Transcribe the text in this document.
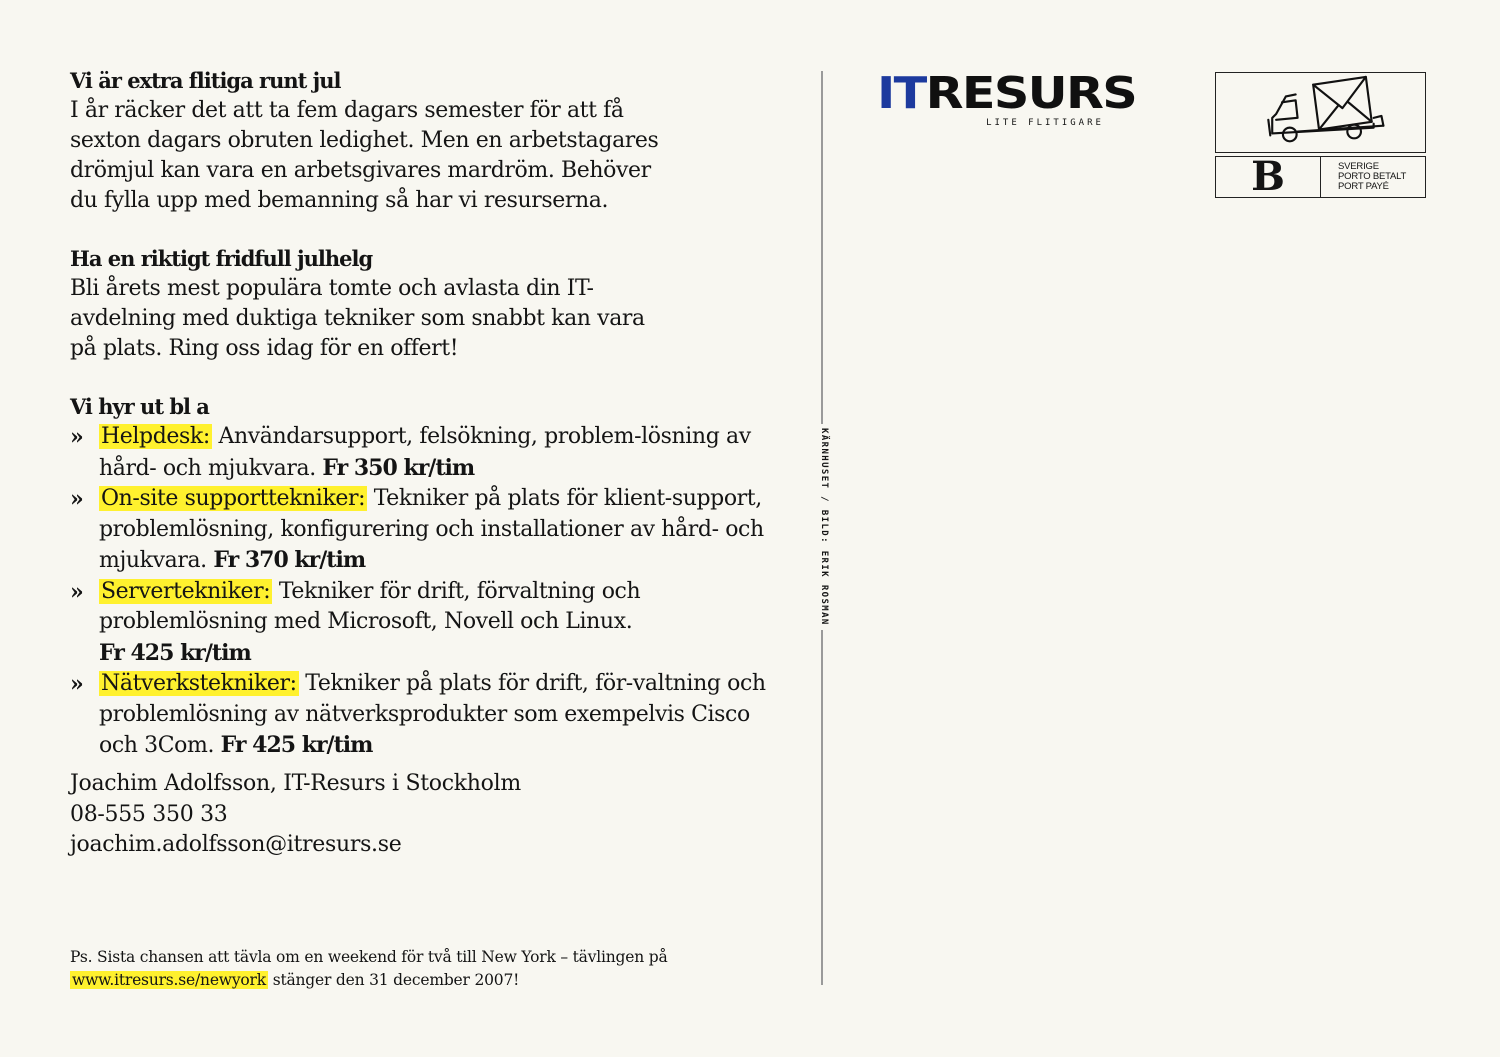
Vi är extra flitiga runt jul
I år räcker det att ta fem dagars semester för att få
sexton dagars obruten ledighet. Men en arbetstagares
drömjul kan vara en arbetsgivares mardröm. Behöver
du fylla upp med bemanning så har vi resurserna.
Ha en riktigt fridfull julhelg
Bli årets mest populära tomte och avlasta din IT-
avdelning med duktiga tekniker som snabbt kan vara
på plats. Ring oss idag för en offert!
Vi hyr ut bl a
» Helpdesk: Användarsupport, felsökning, problem-lösning av hård- och mjukvara. Fr 350 kr/tim
» On-site supporttekniker: Tekniker på plats för klient-support, problemlösning, konfigurering och installationer av hård- och mjukvara. Fr 370 kr/tim
» Servertekniker: Tekniker för drift, förvaltning och problemlösning med Microsoft, Novell och Linux.
Fr 425 kr/tim
» Nätverkstekniker: Tekniker på plats för drift, för-valtning och problemlösning av nätverksprodukter som exempelvis Cisco och 3Com. Fr 425 kr/tim
Joachim Adolfsson, IT-Resurs i Stockholm
08-555 350 33
joachim.adolfsson@itresurs.se
Ps. Sista chansen att tävla om en weekend för två till New York – tävlingen på
www.itresurs.se/newyork stänger den 31 december 2007!
KÄRNHUSET / BILD: ERIK ROSMAN
ITRESURS
LITE FLITIGARE
B	SVERIGE
PORTO BETALT
PORT PAYÉ
